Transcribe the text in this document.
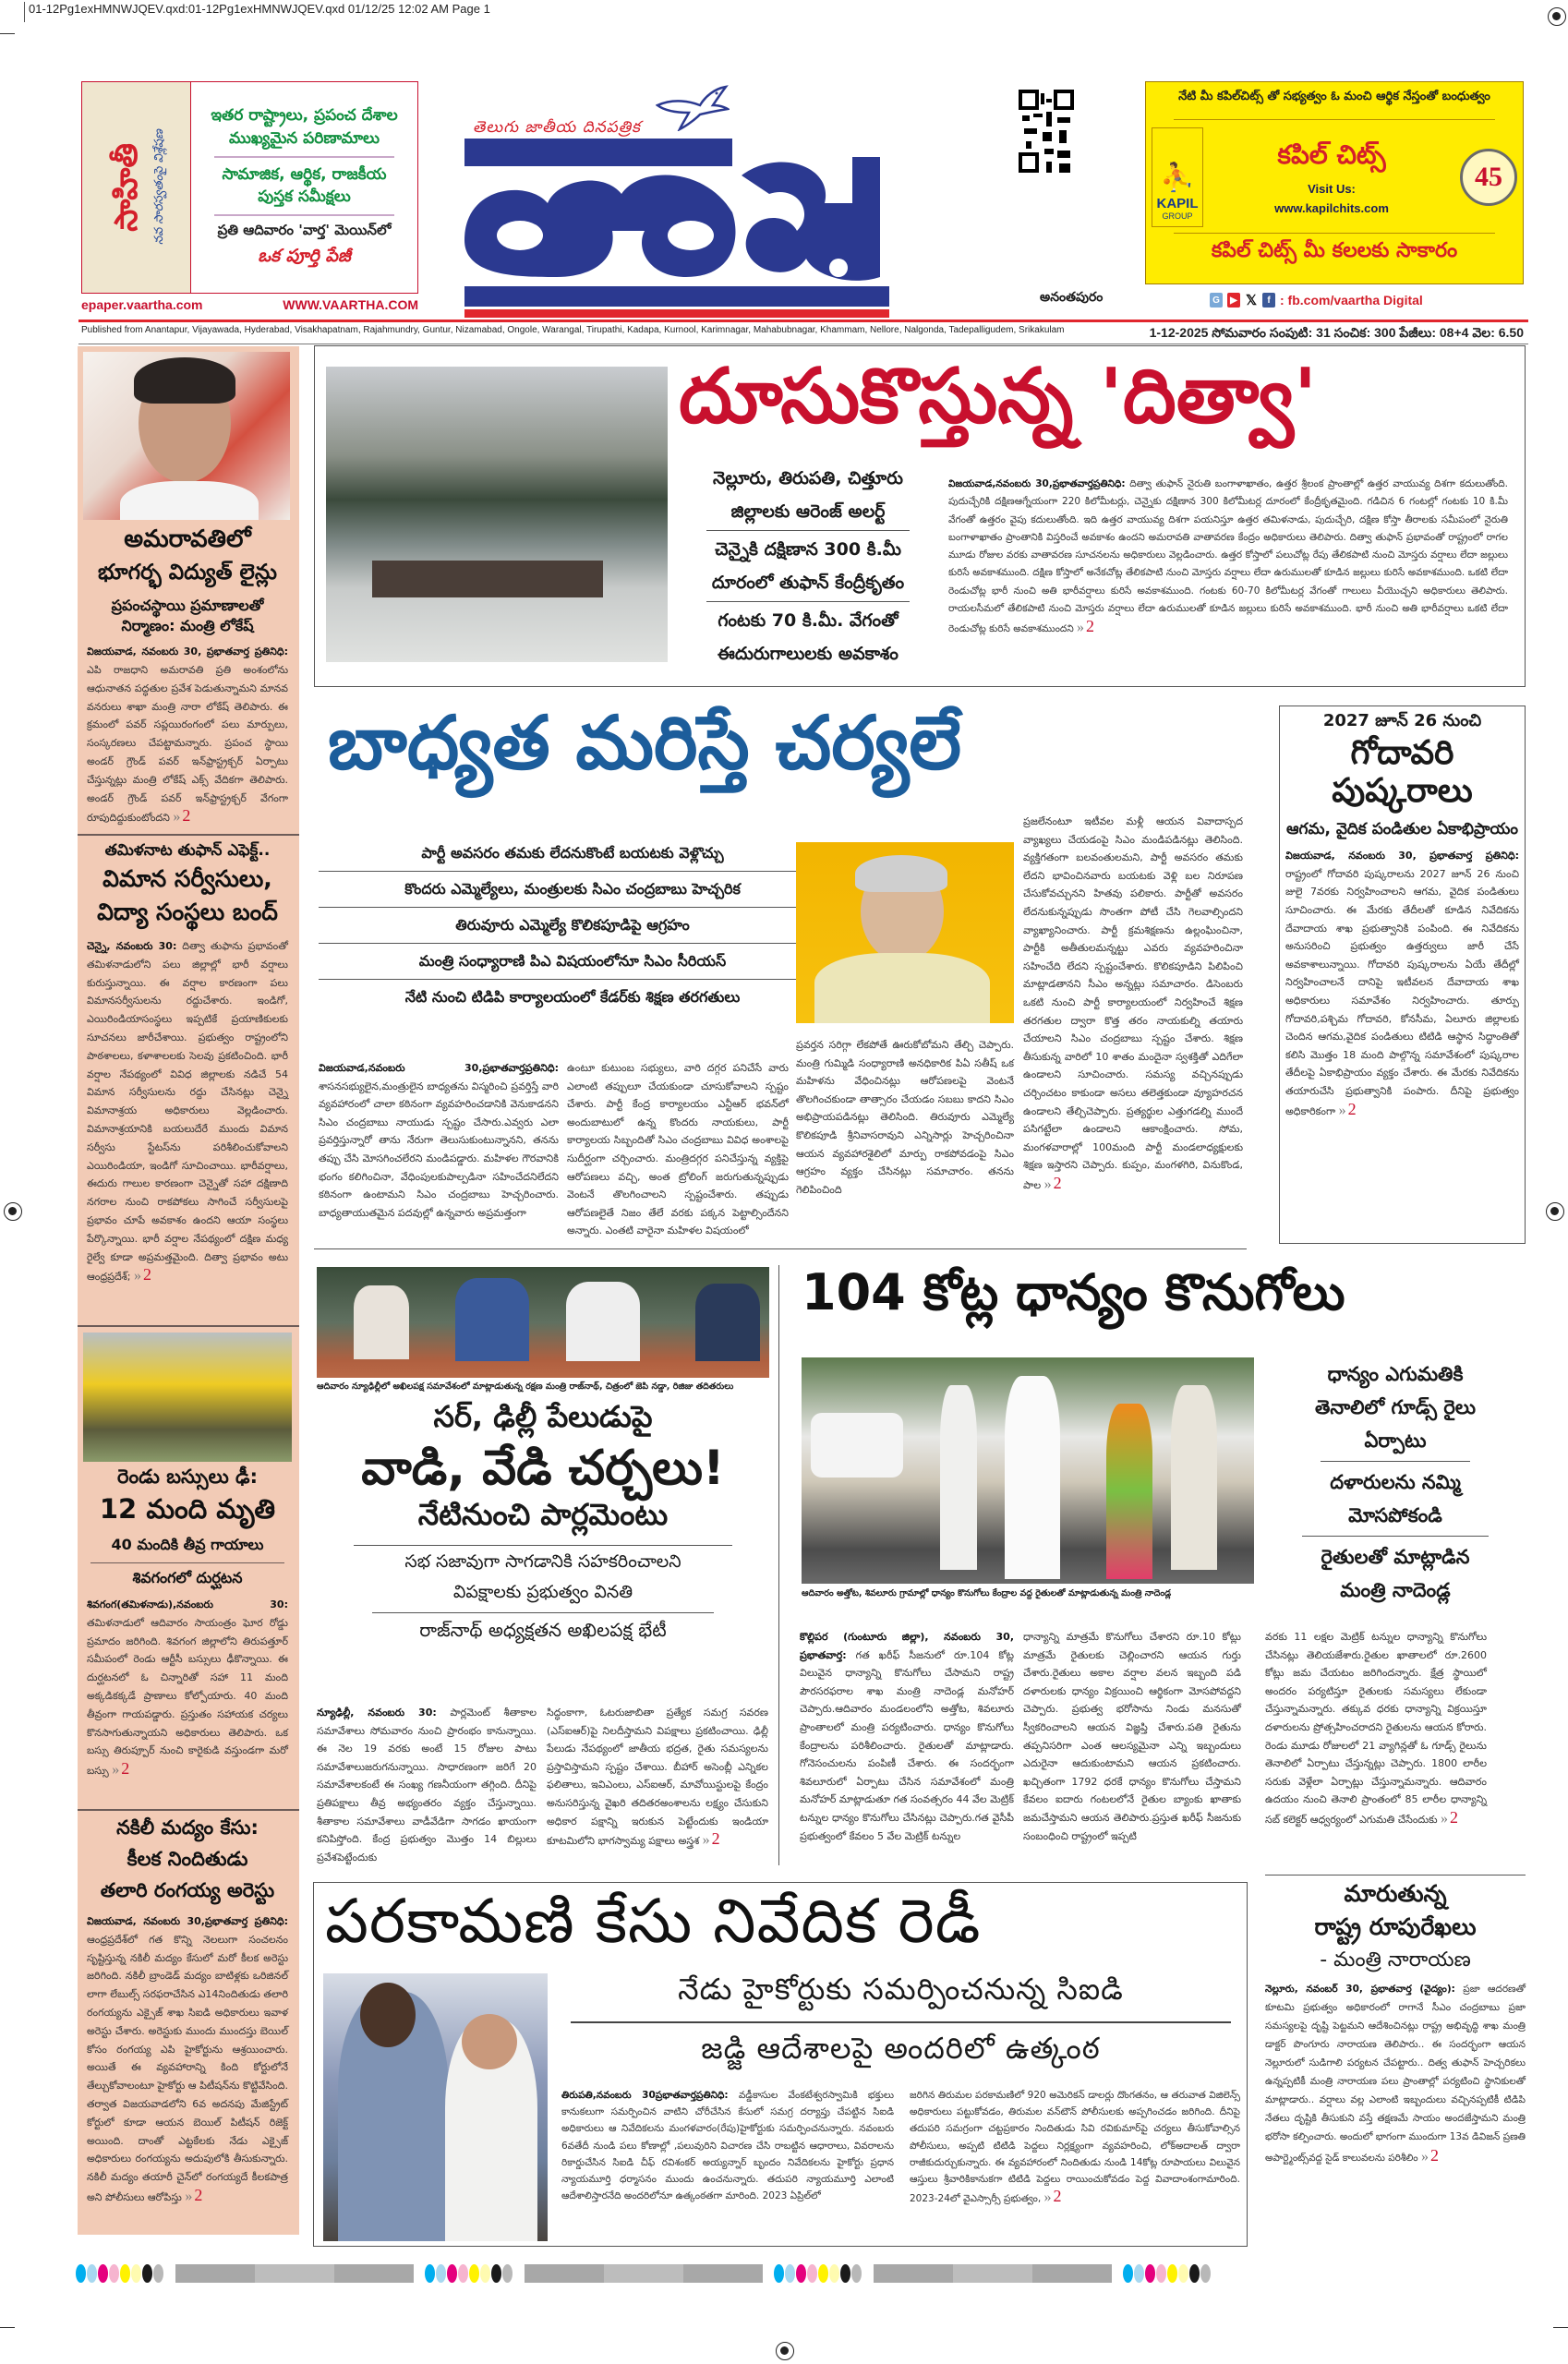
01-12Pg1exHMNWJQEV.qxd:01-12Pg1exHMNWJQEV.qxd 01/12/25 12:02 AM Page 1
సాహితీ నవ సారస్వతంపై విశ్లేషణ
ఇతర రాష్ట్రాలు, ప్రపంచ దేశాల
ముఖ్యమైన పరిణామాలు
సామాజిక, ఆర్థిక, రాజకీయ
పుస్తక సమీక్షలు
ప్రతి ఆదివారం 'వార్త' మెయిన్‌లో
ఒక పూర్తి పేజీ
epaper.vaartha.com	WWW.VAARTHA.COM
తెలుగు జాతీయ దినపత్రిక
అనంతపురం
నేటి మీ కపిల్‌చిట్స్ తో సభ్యత్వం ఓ మంచి ఆర్థిక నేస్తంతో బంధుత్వం
⛹
KAPIL
GROUP
కపిల్ చిట్స్
Visit Us:
www.kapilchits.com
45
కపిల్ చిట్స్ మీ కలలకు సాకారం
G	▶ 𝕏	f : fb.com/vaartha Digital
Published from Anantapur, Vijayawada, Hyderabad, Visakhapatnam, Rajahmundry, Guntur, Nizamabad, Ongole, Warangal, Tirupathi, Kadapa, Kurnool, Karimnagar, Mahabubnagar, Khammam, Nellore, Nalgonda, Tadepalligudem, Srikakulam	1-12-2025 సోమవారం సంపుటి: 31 సంచిక: 300 పేజీలు: 08+4 వెల: 6.50
అమరావతిలో
భూగర్భ విద్యుత్ లైన్లు
ప్రపంచస్థాయి ప్రమాణాలతో నిర్మాణం: మంత్రి లోకేష్
విజయవాడ, నవంబరు 30, ప్రభాతవార్త ప్రతినిధి: ఎపి రాజధాని అమరావతి ప్రతి అంశంలోను ఆధునాతన పద్ధతుల ప్రవేశ పెడుతున్నామని మానవ వనరులు శాఖా మంత్రి నారా లోకేష్ తెలిపారు. ఈ క్రమంలో పవర్ సప్లయిరంగంలో పలు మార్పులు, సంస్కరణలు చేపట్టామన్నారు. ప్రపంచ స్థాయి అండర్ గ్రౌండ్ పవర్ ఇన్‌ఫ్రాస్ట్రక్చర్ ఏర్పాటు చేస్తున్నట్లు మంత్రి లోకేష్ ఎక్స్ వేదికగా తెలిపారు. అండర్ గ్రౌండ్ పవర్ ఇన్‌ఫ్రాస్ట్రక్చర్ వేగంగా రూపుదిద్దుకుంటోందని » 2
తమిళనాట తుఫాన్ ఎఫెక్ట్..
విమాన సర్వీసులు,
విద్యా సంస్థలు బంద్
చెన్నై, నవంబరు 30: దిత్వా తుఫాను ప్రభావంతో తమిళనాడులోని పలు జిల్లాల్లో భారీ వర్షాలు కురుస్తున్నాయి. ఈ వర్షాల కారణంగా పలు విమానసర్వీసులను రద్దుచేశారు. ఇండిగో, ఎయిరిండియాసంస్థలు ఇప్పటికే ప్రయాణికులకు సూచనలు జారీచేశాయి. ప్రభుత్వం రాష్ట్రంలోని పాఠశాలలు, కళాశాలలకు సెలవు ప్రకటించింది. భారీ వర్షాల నేపథ్యంలో వివిధ జిల్లాలకు నడిచే 54 విమాన సర్వీసులను రద్దు చేసినట్లు చెన్నై విమానాశ్రయ అధికారులు వెల్లడించారు. విమానాశ్రయానికి బయలుదేరే ముందు విమాన సర్వీసు స్టేటస్‌ను పరిశీలించుకోవాలని ఎయిరిండియా, ఇండిగో సూచించాయి. భారీవర్షాలు, ఈదురు గాలుల కారణంగా చెన్నైతో సహా దక్షిణాది నగరాల నుంచి రాకపోకలు సాగించే సర్వీసులపై ప్రభావం చూపే అవకాశం ఉందని ఆయా సంస్థలు పేర్కొన్నాయి. భారీ వర్షాల నేపథ్యంలో దక్షిణ మధ్య రైల్వే కూడా అప్రమత్తమైంది. దిత్వా ప్రభావం అటు ఆంధ్రప్రదేశ్; » 2
రెండు బస్సులు ఢీ:
12 మంది మృతి
40 మందికి తీవ్ర గాయాలు
శివగంగలో దుర్ఘటన
శివగంగ(తమిళనాడు),నవంబరు 30: తమిళనాడులో ఆదివారం సాయంత్రం ఘోర రోడ్డు ప్రమాదం జరిగింది. శివగంగ జిల్లాలోని తిరుపత్తూర్ సమీపంలో రెండు ఆర్టీసీ బస్సులు ఢీకొన్నాయి. ఈ దుర్ఘటనలో ఓ చిన్నారితో సహా 11 మంది అక్కడికక్కడే ప్రాణాలు కోల్పోయారు. 40 మంది తీవ్రంగా గాయపడ్డారు. ప్రస్తుతం సహాయక చర్యలు కొనసాగుతున్నాయని అధికారులు తెలిపారు. ఒక బస్సు తిరుప్పూర్ నుంచి కారైకుడి వస్తుండగా మరో బస్సు » 2
నకిలీ మద్యం కేసు:
కీలక నిందితుడు
తలారి రంగయ్య అరెస్టు
విజయవాడ, నవంబరు 30,ప్రభాతవార్త ప్రతినిధి: ఆంధ్రప్రదేశ్‌లో గత కొన్ని నెలలుగా సంచలనం సృష్టిస్తున్న నకిలీ మద్యం కేసులో మరో కీలక అరెస్టు జరిగింది. నకిలీ బ్రాండెడ్ మద్యం బాటిళ్లకు ఒరిజినల్ లాగా లేబుల్స్ సరఫరాచేసిన ఎ14నిందితుడు తలారి రంగయ్యను ఎక్సైజ్ శాఖ సిఐడి అధికారులు ఇవాళ అరెస్టు చేశారు. అరెస్టుకు ముందు ముందస్తు బెయిల్ కోసం రంగయ్య ఎపి హైకోర్టును ఆశ్రయించారు. అయితే ఈ వ్యవహారాన్ని కింది కోర్టులోనే తేల్చుకోవాలంటూ హైకోర్టు ఆ పిటీషన్‌ను కొట్టివేసింది. తర్వాత విజయవాడలోని 6వ అదనపు మేజిస్ట్రేట్ కోర్టులో కూడా ఆయన బెయిల్ పిటీషన్ రిజెక్ట్ అయింది. దాంతో ఎట్టకేలకు నేడు ఎక్సైజ్ అధికారులు రంగయ్యను అదుపులోకి తీసుకున్నారు. నకిలీ మద్యం తయారీ చైన్‌లో రంగయ్యదే కీలకపాత్ర అని పోలీసులు ఆరోపిస్తు » 2
దూసుకొస్తున్న 'దిత్వా'
నెల్లూరు, తిరుపతి, చిత్తూరు
జిల్లాలకు ఆరెంజ్ అలర్ట్
చెన్నైకి దక్షిణాన 300 కి.మీ
దూరంలో తుఫాన్ కేంద్రీకృతం
గంటకు 70 కి.మీ. వేగంతో
ఈదురుగాలులకు అవకాశం
విజయవాడ,నవంబరు 30,ప్రభాతవార్తప్రతినిధి: దిత్వా తుఫాన్ నైరుతి బంగాళాఖాతం, ఉత్తర శ్రీలంక ప్రాంతాల్లో ఉత్తర వాయువ్య దిశగా కదులుతోంది. పుదుచ్చేరికి దక్షిణఆగ్నేయంగా 220 కిలోమీటర్లు, చెన్నైకు దక్షిణాన 300 కిలోమీటర్ల దూరంలో కేంద్రీకృతమైంది. గడిచిన 6 గంటల్లో గంటకు 10 కి.మీ వేగంతో ఉత్తరం వైపు కదులుతోంది. ఇది ఉత్తర వాయువ్య దిశగా పయనిస్తూ ఉత్తర తమిళనాడు, పుదుచ్చేరి, దక్షిణ కోస్తా తీరాలకు సమీపంలో నైరుతి బంగాళాఖాతం ప్రాంతానికి విస్తరించే అవకాశం ఉందని అమరావతి వాతావరణ కేంద్రం అధికారులు తెలిపారు. దిత్వా తుఫాన్ ప్రభావంతో రాష్ట్రంలో రాగల మూడు రోజుల వరకు వాతావరణ సూచనలను అధికారులు వెల్లడించారు. ఉత్తర కోస్తాలో పలుచోట్ల రేపు తేలికపాటి నుంచి మోస్తరు వర్షాలు లేదా జల్లులు కురిసే అవకాశముంది. దక్షిణ కోస్తాలో అనేకచోట్ల తేలికపాటి నుంచి మోస్తరు వర్షాలు లేదా ఉరుములతో కూడిన జల్లులు కురిసే అవకాశముంది. ఒకటి లేదా రెండుచోట్ల భారీ నుంచి అతి భారీవర్షాలు కురిసే అవకాశముంది. గంటకు 60-70 కిలోమీటర్ల వేగంతో గాలులు వీయొచ్చని అధికారులు తెలిపారు. రాయలసీమలో తేలికపాటి నుంచి మోస్తరు వర్షాలు లేదా ఉరుములతో కూడిన జల్లులు కురిసే అవకాశముంది. భారీ నుంచి అతి భారీవర్షాలు ఒకటి లేదా రెండుచోట్ల కురిసే అవకాశముందని » 2
బాధ్యత మరిస్తే చర్యలే
పార్టీ అవసరం తమకు లేదనుకొంటే బయటకు వెళ్లొచ్చు
కొందరు ఎమ్మెల్యేలు, మంత్రులకు సిఎం చంద్రబాబు హెచ్చరిక
తిరువూరు ఎమ్మెల్యే కొలికపూడిపై ఆగ్రహం
మంత్రి సంధ్యారాణి పిఎ విషయంలోనూ సిఎం సీరియస్
నేటి నుంచి టిడిపి కార్యాలయంలో కేడర్‌కు శిక్షణ తరగతులు
విజయవాడ,నవంబరు 30,ప్రభాతవార్తప్రతినిధి: శాసనసభ్యులైన,మంత్రులైన బాధ్యతను విస్మరించి ప్రవర్తిస్తే వారి వ్యవహారంలో చాలా కఠినంగా వ్యవహరించడానికి వెనుకాడనని సిఎం చంద్రబాబు నాయుడు స్పష్టం చేసారు.ఎవ్వరు ఎలా ప్రవర్తిస్తున్నారో తాను నేరుగా తెలుసుకుంటున్నానని, తనను తప్పు చేసి మోసగించలేరని మండిపడ్డారు. మహిళల గౌరవానికి భంగం కలిగించినా, వేధింపులకుపాల్పడినా సహించేదనిలేదని కఠినంగా ఉంటామని సిఎం చంద్రబాబు హెచ్చరించారు. బాధ్యతాయుతమైన పదవుల్లో ఉన్నవారు అప్రమత్తంగా
ఉంటూ కుటుంబ సభ్యులు, వారి దగ్గర పనిచేసే వారు ఎలాంటి తప్పులూ చేయకుండా చూసుకోవాలని స్పష్టం చేశారు. పార్టీ కేంద్ర కార్యాలయం ఎన్టీఆర్ భవన్‌లో అందుబాటులో ఉన్న కొందరు నాయకులు, పార్టీ కార్యాలయ సిబ్బందితో సిఎం చంద్రబాబు వివిధ అంశాలపై సుదీర్ఘంగా చర్చించారు. మంత్రిదగ్గర పనిచేస్తున్న వ్యక్తిపై ఆరోపణలు వచ్చి, అంత ట్రోలింగ్ జరుగుతున్నప్పుడు వెంటనే తొలగించాలని స్పష్టంచేశారు. తప్పుడు ఆరోపణలైతే నిజం తేలే వరకు పక్కన పెట్టాల్సిందేనని అన్నారు. ఎంతటి వారైనా మహిళల విషయంలో
ప్రవర్తన సరిగ్గా లేకపోతే ఊరుకోబోమని తేల్చి చెప్పారు. మంత్రి గుమ్మిడి సంధ్యారాణి అనధికారిక పిఏ సతీష్ ఒక మహిళను వేధించినట్లు ఆరోపణలపై వెంటనే తొలగించకుండా తాత్సారం చేయడం సబబు కాదని సిఎం అభిప్రాయపడినట్లు తెలిసింది. తిరువూరు ఎమ్మెల్యే కొలికపూడి శ్రీనివాసరావుని ఎన్నిసార్లు హెచ్చరించినా ఆయన వ్యవహారశైలిలో మార్పు రాకపోవడంపై సిఎం ఆగ్రహం వ్యక్తం చేసినట్లు సమాచారం. తనను గెలిపించింది
ప్రజలేనంటూ ఇటీవల మళ్లీ ఆయన వివాదాస్పద వ్యాఖ్యలు చేయడంపై సిఎం మండిపడినట్లు తెలిసింది. వ్యక్తిగతంగా బలవంతులమని, పార్టీ అవసరం తమకు లేదని భావించినవారు బయటకు వెళ్లి బల నిరూపణ చేసుకోవచ్చునని హితవు పలికారు. పార్టీతో అవసరం లేదనుకున్నప్పుడు సొంతగా పోటీ చేసి గెలవాల్సిందని వ్యాఖ్యానించారు. పార్టీ క్రమశిక్షణను ఉల్లంఘించినా, పార్టీకి అతీతులమన్నట్టు ఎవరు వ్యవహరించినా సహించేది లేదని స్పష్టంచేశారు. కొలికపూడిని పిలిపించి మాట్లాడతానని సీఎం అన్నట్లు సమాచారం. డిసెంబరు ఒకటి నుంచి పార్టీ కార్యాలయంలో నిర్వహించే శిక్షణ తరగతుల ద్వారా కొత్త తరం నాయకుల్ని తయారు చేయాలని సిఎం చంద్రబాబు స్పష్టం చేశారు. శిక్షణ తీసుకున్న వారిలో 10 శాతం మందైనా స్వశక్తితో ఎదిగేలా ఉండాలని సూచించారు. సమస్య వచ్చినప్పుడు చర్చించటం కాకుండా అసలు తలెత్తకుండా వ్యూహరచన ఉండాలని తేల్చిచెప్పారు. ప్రత్యర్థుల ఎత్తుగడల్ని ముందే పసిగట్టేలా ఉండాలని ఆకాంక్షించారు. సోమ, మంగళవారాల్లో 100మంది పార్టీ మండలాధ్యక్షులకు శిక్షణ ఇస్తారని చెప్పారు. కుప్పం, మంగళగిరి, వినుకొండ, పాల » 2
2027 జూన్ 26 నుంచి
గోదావరి
పుష్కరాలు
ఆగమ, వైదిక పండితుల ఏకాభిప్రాయం
విజయవాడ, నవంబరు 30, ప్రభాతవార్త ప్రతినిధి: రాష్ట్రంలో గోదావరి పుష్కరాలను 2027 జూన్ 26 నుంచి జులై 7వరకు నిర్వహించాలని ఆగమ, వైదిక పండితులు సూచించారు. ఈ మేరకు తేదీలతో కూడిన నివేదికను దేవాదాయ శాఖ ప్రభుత్వానికి పంపింది. ఈ నివేదికను అనుసరించి ప్రభుత్వం ఉత్తర్వులు జారీ చేసే అవకాశాలున్నాయి. గోదావరి పుష్కరాలను ఏయే తేదీల్లో నిర్వహించాలనే దానిపై ఇటీవలన దేవాదాయ శాఖ అధికారులు సమావేశం నిర్వహించారు. తూర్పు గోదావరి,పశ్చిమ గోదావరి, కోనసీమ, ఏలూరు జిల్లాలకు చెందిన ఆగమ,వైదిక పండితులు టిటిడి ఆస్థాన సిద్ధాంతితో కలిసి మొత్తం 18 మంది పాల్గొన్న సమావేశంలో పుష్కరాల తేదీలపై ఏకాభిప్రాయం వ్యక్తం చేశారు. ఈ మేరకు నివేదికను తయారుచేసి ప్రభుత్వానికి పంపారు. దీనిపై ప్రభుత్వం అధికారికంగా » 2
ఆదివారం న్యూఢిల్లీలో అఖిలపక్ష సమావేశంలో మాట్లాడుతున్న రక్షణ మంత్రి రాజ్‌నాథ్, చిత్రంలో జెపి నడ్డా, రిజిజు తదితరులు
సర్, ఢిల్లీ పేలుడుపై
వాడి, వేడి చర్చలు!
నేటినుంచి పార్లమెంటు
సభ సజావుగా సాగడానికి సహకరించాలని
విపక్షాలకు ప్రభుత్వం వినతి
రాజ్‌నాథ్ అధ్యక్షతన అఖిలపక్ష భేటీ
న్యూఢిల్లీ, నవంబరు 30: పార్లమెంట్ శీతాకాల సమావేశాలు సోమవారం నుంచి ప్రారంభం కానున్నాయి. ఈ నెల 19 వరకు అంటే 15 రోజుల పాటు సమావేశాలుజరుగనున్నాయి. సాధారణంగా జరిగే 20 సమావేశాలకంటే ఈ సంఖ్య గణనీయంగా తగ్గింది. దీనిపై ప్రతిపక్షాలు తీవ్ర అభ్యంతరం వ్యక్తం చేస్తున్నాయి. శీతాకాల సమావేశాలు వాడీవేడిగా సాగడం ఖాయంగా కనిపిస్తోంది. కేంద్ర ప్రభుత్వం మొత్తం 14 బిల్లులు ప్రవేశపెట్టేందుకు
సిద్ధంకాగా, ఓటరుజాబితా ప్రత్యేక సమగ్ర సవరణ (ఎస్ఐఆర్)పై నిలదీస్తామని విపక్షాలు ప్రకటించాయి. ఢిల్లీ పేలుడు నేపథ్యంలో జాతీయ భద్రత, రైతు సమస్యలను ప్రస్తావిస్తామని స్పష్టం చేశాయి. బీహార్ అసెంబ్లీ ఎన్నికల ఫలితాలు, ఇవిఎంలు, ఎస్ఐఆర్, మావోయిస్టులపై కేంద్రం అనుసరిస్తున్న వైఖరి తదితరఅంశాలను లక్ష్యం చేసుకుని అధికార పక్షాన్ని ఇరుకున పెట్టేందుకు ఇండియా కూటమిలోని భాగస్వామ్య పక్షాలు అస్త్రశ » 2
104 కోట్ల ధాన్యం కొనుగోలు
ఆదివారం అత్తోట, శివలూరు గ్రామాల్లో ధాన్యం కొనుగోలు కేంద్రాల వద్ద రైతులతో మాట్లాడుతున్న మంత్రి నాదెండ్ల
ధాన్యం ఎగుమతికి
తెనాలిలో గూడ్స్ రైలు
ఏర్పాటు
దళారులను నమ్మి
మోసపోకండి
రైతులతో మాట్లాడిన
మంత్రి నాదెండ్ల
కొల్లిపర (గుంటూరు జిల్లా), నవంబరు 30, ప్రభాతవార్త: గత ఖరీఫ్ సీజనులో రూ.104 కోట్ల విలువైన ధాన్యాన్ని కొనుగోలు చేసామని రాష్ట్ర పౌరసరఫరాల శాఖ మంత్రి నాదెండ్ల మనోహర్ చెప్పారు.ఆదివారం మండలంలోని అత్తోట, శివలూరు ప్రాంతాలలో మంత్రి పర్యటించారు. ధాన్యం కొనుగోలు కేంద్రాలను పరిశీలించారు. రైతులతో మాట్లాడారు. గోనెసంచులను పంపిణీ చేశారు. ఈ సందర్భంగా శివలూరులో ఏర్పాటు చేసిన సమావేశంలో మంత్రి మనోహర్ మాట్లాడుతూ గత సంవత్సరం 44 వేల మెట్రిక్ టన్నుల ధాన్యం కొనుగోలు చేసినట్లు చెప్పారు.గత వైసీపీ ప్రభుత్వంలో కేవలం 5 వేల మెట్రిక్ టన్నుల
ధాన్యాన్ని మాత్రమే కొనుగోలు చేశారని రూ.10 కోట్లు మాత్రమే రైతులకు చెల్లించారని ఆయన గుర్తు చేశారు.రైతులు అకాల వర్షాల వలన ఇబ్బంది పడి దళారులకు ధాన్యం విక్రయించి ఆర్థికంగా మోసపోవద్దని చెప్పారు. ప్రభుత్వ భరోసాను నిండు మనసుతో స్వీకరించాలని ఆయన విజ్ఞప్తి చేశారు.పతి రైతును తప్పనిసరిగా ఎంత ఆలస్యమైనా ఎన్ని ఇబ్బందులు ఎదురైనా ఆదుకుంటామని ఆయన ప్రకటించారు. ఖచ్చితంగా 1792 ధరకే ధాన్యం కొనుగోలు చేస్తామని కేవలం ఐదారు గంటలలోనే రైతుల బ్యాంకు ఖాతాకు జమచేస్తామని ఆయన తెలిపారు.ప్రస్తుత ఖరీఫ్ సీజనుకు సంబంధించి రాష్ట్రంలో ఇప్పటి
వరకు 11 లక్షల మెట్రిక్ టన్నుల ధాన్యాన్ని కొనుగోలు చేసినట్లు తెలియజేశారు.రైతుల ఖాతాలలో రూ.2600 కోట్లు జమ చేయటం జరిగిందన్నారు. క్షేత్ర స్థాయిలో అందరం పర్యటిస్తూ రైతులకు సమస్యలు లేకుండా చేస్తున్నామన్నారు. తక్కువ ధరకు ధాన్యాన్ని విక్రయిస్తూ దళారులను ప్రోత్సహించరాదని రైతులను ఆయన కోరారు. రెండు మూడు రోజులలో 21 వ్యాగిన్లతో ఓ గూడ్స్ రైలును తెనాలిలో ఏర్పాటు చేస్తున్నట్లు చెప్పారు. 1800 లారీల సరుకు వెళ్లేలా ఏర్పాట్లు చేస్తున్నామన్నారు. ఆదివారం ఉదయం నుంచి తెనాలి ప్రాంతంలో 85 లారీల ధాన్యాన్ని సబ్ కలెక్టర్ ఆధ్వర్యంలో ఎగుమతి చేసేందుకు » 2
పరకామణి కేసు నివేదిక రెడీ
నేడు హైకోర్టుకు సమర్పించనున్న సిఐడి
జడ్జి ఆదేశాలపై అందరిలో ఉత్కంఠ
తిరుపతి,నవంబరు 30ప్రభాతవార్తప్రతినిధి: వడ్డీకాసుల వేంకటేశ్వరస్వామికి భక్తులు కానుకలుగా సమర్పించిన వాటిని చోరీచేసిన కేసులో సమగ్ర దర్యాప్తు చేపట్టిన సిఐడి అధికారులు ఆ నివేదికలను మంగళవారం(రేపు)హైకోర్టుకు సమర్పించనున్నారు. నవంబరు 6వతేదీ నుండి పలు కోణాల్లో ,పలువురిని విచారణ చేసి రాబట్టిన ఆధారాలు, వివరాలను రికార్డుచేసిన సిఐడి చీఫ్ రవిశంకర్ అయ్యన్నార్ బృందం నివేదికలను హైకోర్టు ప్రధాన న్యాయమూర్తి ధర్మాసనం ముందు ఉంచనున్నారు. తదుపరి న్యాయమూర్తి ఎలాంటి ఆదేశాలిస్తారనేది అందరిలోనూ ఉత్కంఠతగా మారింది. 2023 ఏప్రిల్‌లో
జరిగిన తిరుమల పరకామణిలో 920 అమెరికన్ డాలర్లు దొంగతనం, ఆ తరువాత విజిలెన్స్ అధికారులు పట్టుకోవడం, తిరుమల వన్‌టౌన్ పోలీసులకు అప్పగించడం జరిగింది. దీనిపై తదుపరి సమగ్రంగా చట్టప్రకారం నిందితుడు సివి రవికుమార్‌పై చర్యలు తీసుకోవాల్సిన పోలీసులు, అప్పటి టిటిడి పెద్దలు నిర్లక్ష్యంగా వ్యవహరించి, లోక్‌అదాలత్ ద్వారా రాజీకుదుర్చుకున్నారు. ఈ వ్యవహారంలో నిందితుడు నుండి 14కోట్ల రూపాయలు విలువైన ఆస్తులు శ్రీవారికికానుకగా టిటిడి పెద్దలు రాయించుకోవడం పెద్ద వివాదాంశంగామారింది. 2023-24లో వైఎస్సార్సీ ప్రభుత్వం, » 2
మారుతున్న
రాష్ట్ర రూపురేఖలు
- మంత్రి నారాయణ
నెల్లూరు, నవంబర్ 30, ప్రభాతవార్త (వైద్యం): ప్రజా ఆదరణతో కూటమి ప్రభుత్వం అధికారంలో రాగానే సీఎం చంద్రబాబు ప్రజా సమస్యలపై దృష్టి పెట్టమని ఆదేశించినట్లు రాష్ట్ర అభివృద్ధి శాఖ మంత్రి డాక్టర్ పొంగూరు నారాయణ తెలిపారు.. ఈ సందర్భంగా ఆయన నెల్లూరులో సుడిగాలి పర్యటన చేపట్టారు.. దిత్వ తుఫాన్ హెచ్చరికలు ఉన్నప్పటికీ మంత్రి నారాయణ పలు ప్రాంతాల్లో పర్యటించి స్థానికులతో మాట్లాడారు.. వర్షాలు వల్ల ఎలాంటి ఇబ్బందులు వచ్చినప్పటికీ టిడిపి నేతలు దృష్టికి తీసుకుని వస్తే తక్షణమే సాయం అందజేస్తామని మంత్రి భరోసా కల్పించారు. అందులో భాగంగా ముందుగా 13వ డివిజన్ ప్రణతి అపార్ట్మెంట్స్‌వద్ద సైడ్ కాలువలను పరిశీలిం » 2
